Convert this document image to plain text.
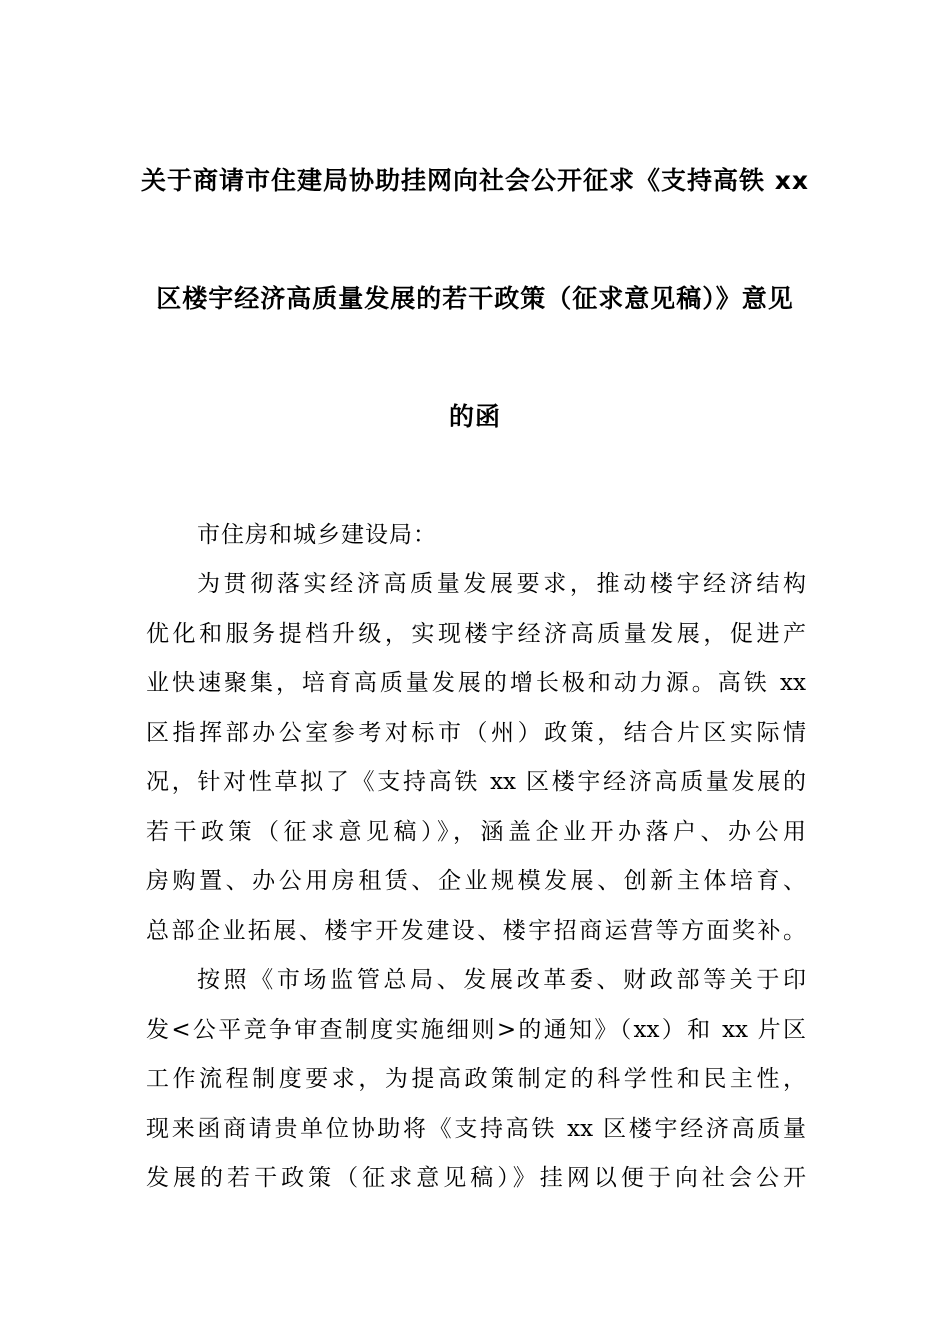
关于商请市住建局协助挂网向社会公开征求《支持高铁 xx
区楼宇经济高质量发展的若干政策（征求意见稿）》意见
的函
市住房和城乡建设局：
为贯彻落实经济高质量发展要求，推动楼宇经济结构
优化和服务提档升级，实现楼宇经济高质量发展，促进产
业快速聚集，培育高质量发展的增长极和动力源。高铁 xx
区指挥部办公室参考对标市（州）政策，结合片区实际情
况，针对性草拟了《支持高铁 xx 区楼宇经济高质量发展的
若干政策（征求意见稿）》，涵盖企业开办落户、办公用
房购置、办公用房租赁、企业规模发展、创新主体培育、
总部企业拓展、楼宇开发建设、楼宇招商运营等方面奖补。
按照《市场监管总局、发展改革委、财政部等关于印
发<公平竞争审查制度实施细则>的通知》（xx）和 xx 片区
工作流程制度要求，为提高政策制定的科学性和民主性，
现来函商请贵单位协助将《支持高铁 xx 区楼宇经济高质量
发展的若干政策（征求意见稿）》挂网以便于向社会公开
